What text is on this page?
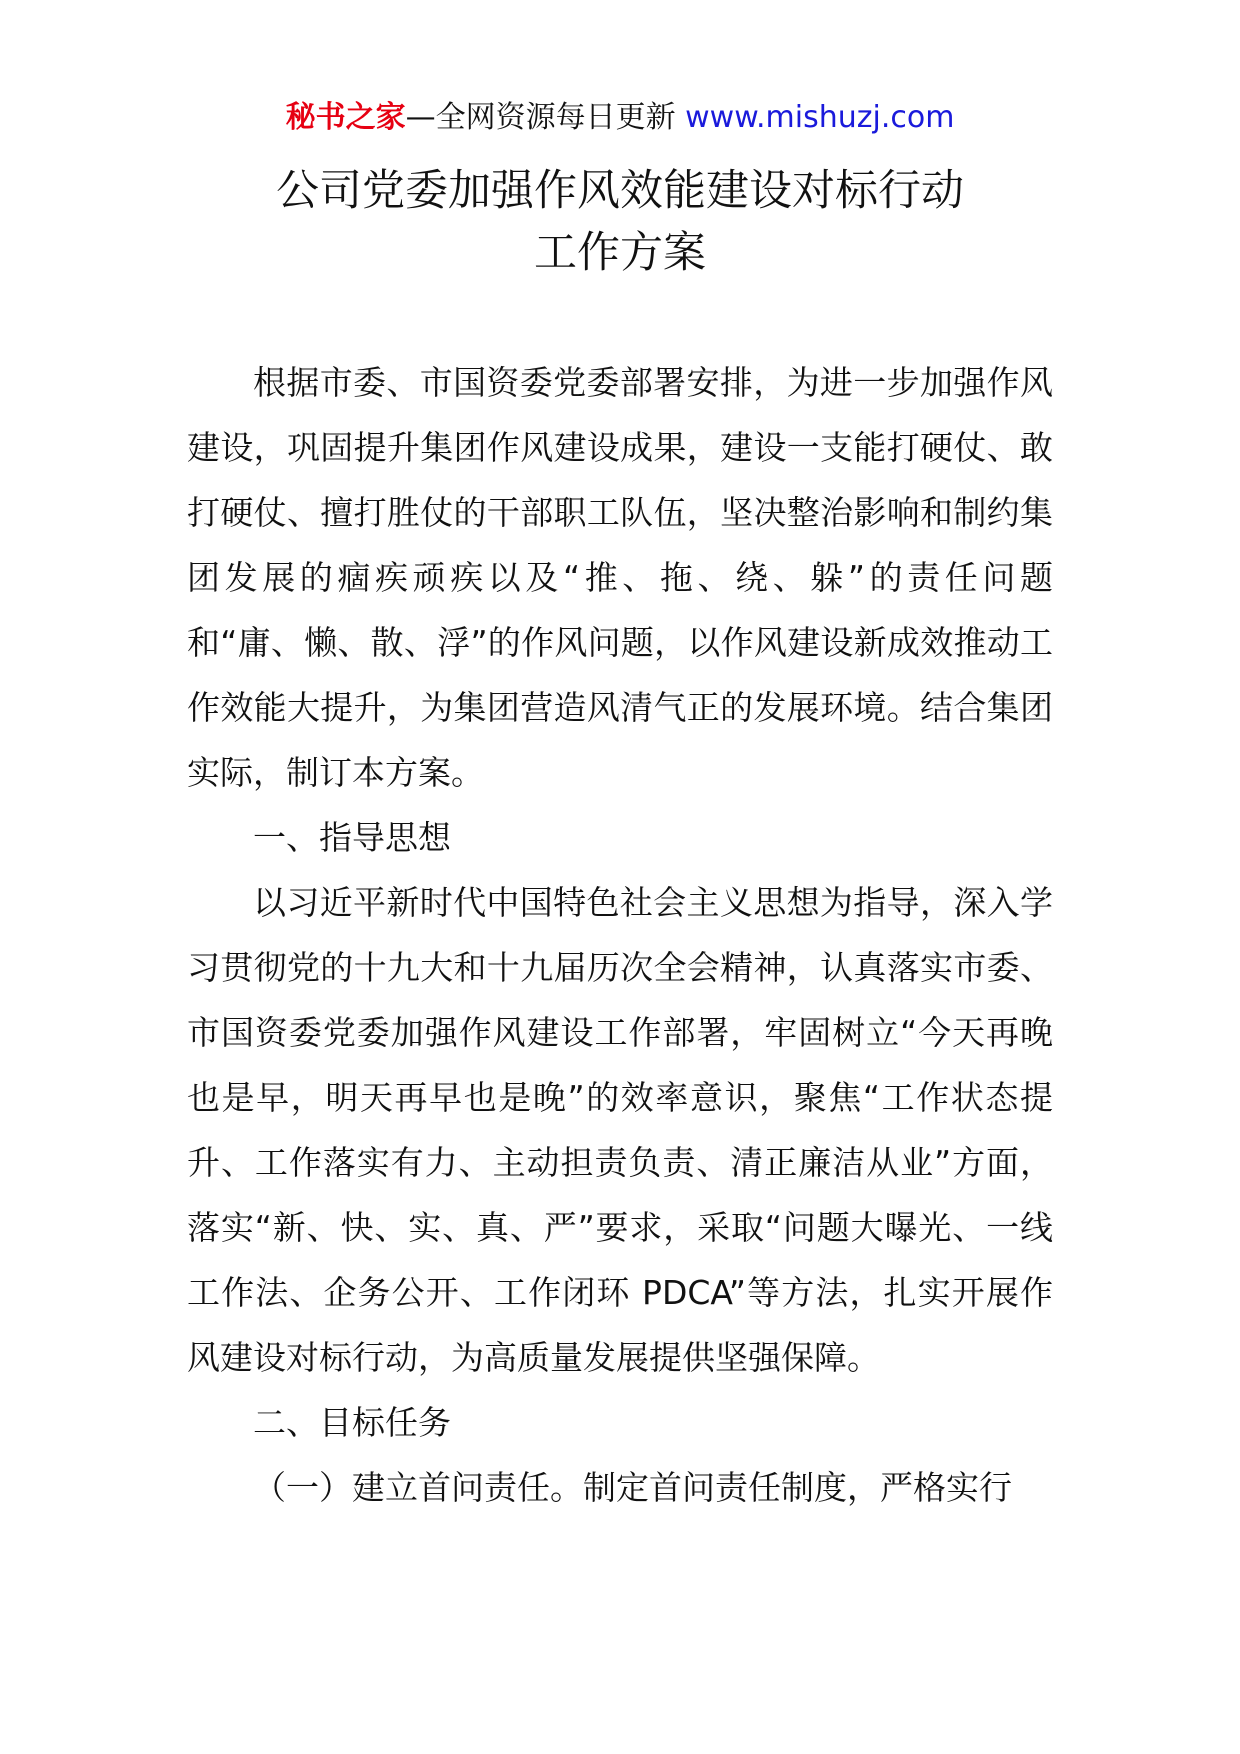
秘书之家—全网资源每日更新 www.mishuzj.com
公司党委加强作风效能建设对标行动
工作方案

根据市委、市国资委党委部署安排，为进一步加强作风建设，巩固提升集团作风建设成果，建设一支能打硬仗、敢打硬仗、擅打胜仗的干部职工队伍，坚决整治影响和制约集团发展的痼疾顽疾以及“推、拖、绕、躲”的责任问题和“庸、懒、散、浮”的作风问题，以作风建设新成效推动工作效能大提升，为集团营造风清气正的发展环境。结合集团实际，制订本方案。

一、指导思想

以习近平新时代中国特色社会主义思想为指导，深入学习贯彻党的十九大和十九届历次全会精神，认真落实市委、市国资委党委加强作风建设工作部署，牢固树立“今天再晚也是早，明天再早也是晚”的效率意识，聚焦“工作状态提升、工作落实有力、主动担责负责、清正廉洁从业”方面，落实“新、快、实、真、严”要求，采取“问题大曝光、一线工作法、企务公开、工作闭环 PDCA”等方法，扎实开展作风建设对标行动，为高质量发展提供坚强保障。

二、目标任务

（一）建立首问责任。制定首问责任制度，严格实行
